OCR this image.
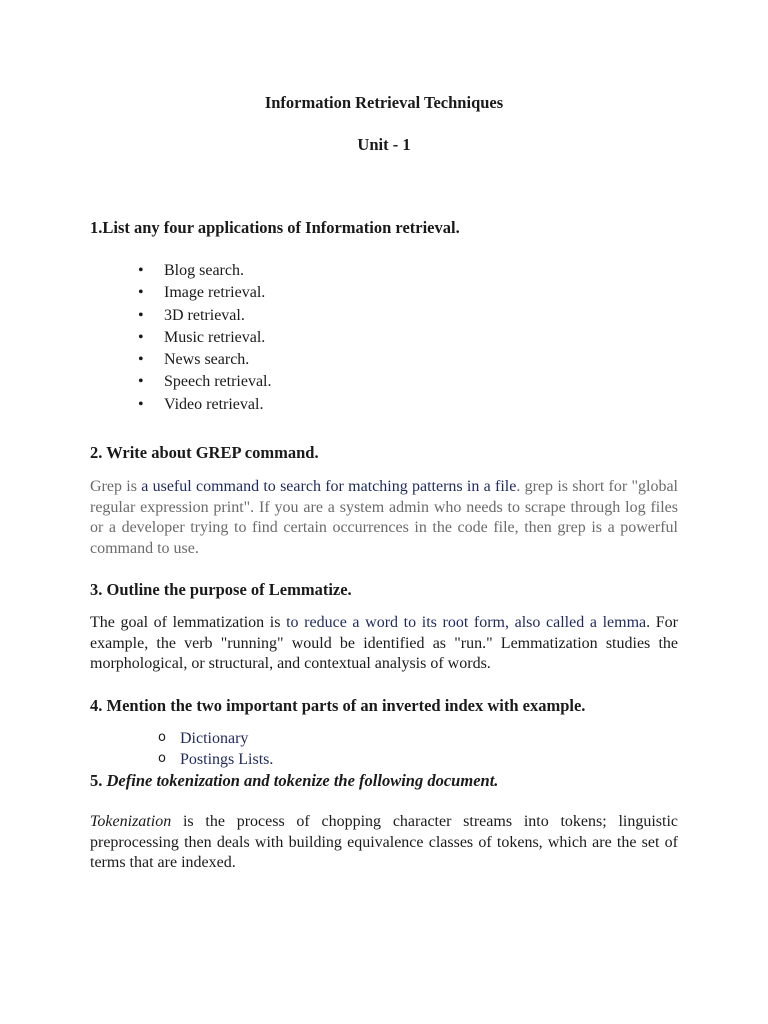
Information Retrieval Techniques
Unit - 1
1.List any four applications of Information retrieval.
• Blog search.
• Image retrieval.
• 3D retrieval.
• Music retrieval.
• News search.
• Speech retrieval.
• Video retrieval.
2. Write about GREP command.
Grep is a useful command to search for matching patterns in a file. grep is short for "global regular expression print". If you are a system admin who needs to scrape through log files or a developer trying to find certain occurrences in the code file, then grep is a powerful command to use.
3. Outline the purpose of Lemmatize.
The goal of lemmatization is to reduce a word to its root form, also called a lemma. For example, the verb "running" would be identified as "run." Lemmatization studies the morphological, or structural, and contextual analysis of words.
4. Mention the two important parts of an inverted index with example.
o Dictionary
o Postings Lists.
5. Define tokenization and tokenize the following document.
Tokenization is the process of chopping character streams into tokens; linguistic preprocessing then deals with building equivalence classes of tokens, which are the set of terms that are indexed.
